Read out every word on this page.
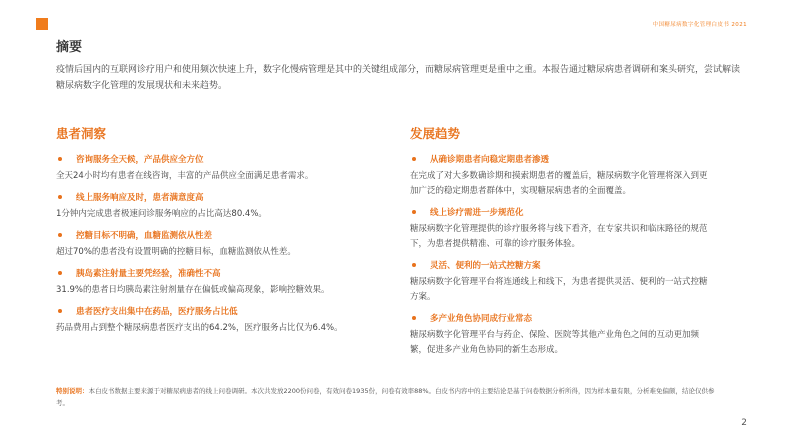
中国糖尿病数字化管理白皮书 2021
摘要

疫情后国内的互联网诊疗用户和使用频次快速上升，数字化慢病管理是其中的关键组成部分，而糖尿病管理更是重中之重。本报告通过糖尿病患者调研和案头研究，尝试解读糖尿病数字化管理的发展现状和未来趋势。

患者洞察
咨询服务全天候，产品供应全方位

全天24小时均有患者在线咨询，丰富的产品供应全面满足患者需求。

线上服务响应及时，患者满意度高

1分钟内完成患者极速问诊服务响应的占比高达80.4%。

控糖目标不明确，血糖监测依从性差

超过70%的患者没有设置明确的控糖目标，血糖监测依从性差。

胰岛素注射量主要凭经验，准确性不高

31.9%的患者日均胰岛素注射剂量存在偏低或偏高现象，影响控糖效果。

患者医疗支出集中在药品，医疗服务占比低

药品费用占到整个糖尿病患者医疗支出的64.2%，医疗服务占比仅为6.4%。

发展趋势
从确诊期患者向稳定期患者渗透

在完成了对大多数确诊期和摸索期患者的覆盖后，糖尿病数字化管理将深入到更加广泛的稳定期患者群体中，实现糖尿病患者的全面覆盖。

线上诊疗需进一步规范化

糖尿病数字化管理提供的诊疗服务将与线下看齐，在专家共识和临床路径的规范下，为患者提供精准、可靠的诊疗服务体验。

灵活、便利的一站式控糖方案

糖尿病数字化管理平台将连通线上和线下，为患者提供灵活、便利的一站式控糖方案。

多产业角色协同成行业常态

糖尿病数字化管理平台与药企、保险、医院等其他产业角色之间的互动更加频繁，促进多产业角色协同的新生态形成。

特别说明：本白皮书数据主要来源于对糖尿病患者的线上问卷调研。本次共发放2200份问卷，有效问卷1935份，问卷有效率88%。白皮书内容中的主要结论是基于问卷数据分析所得，因为样本量有限，分析难免偏颇，结论仅供参考。

2
